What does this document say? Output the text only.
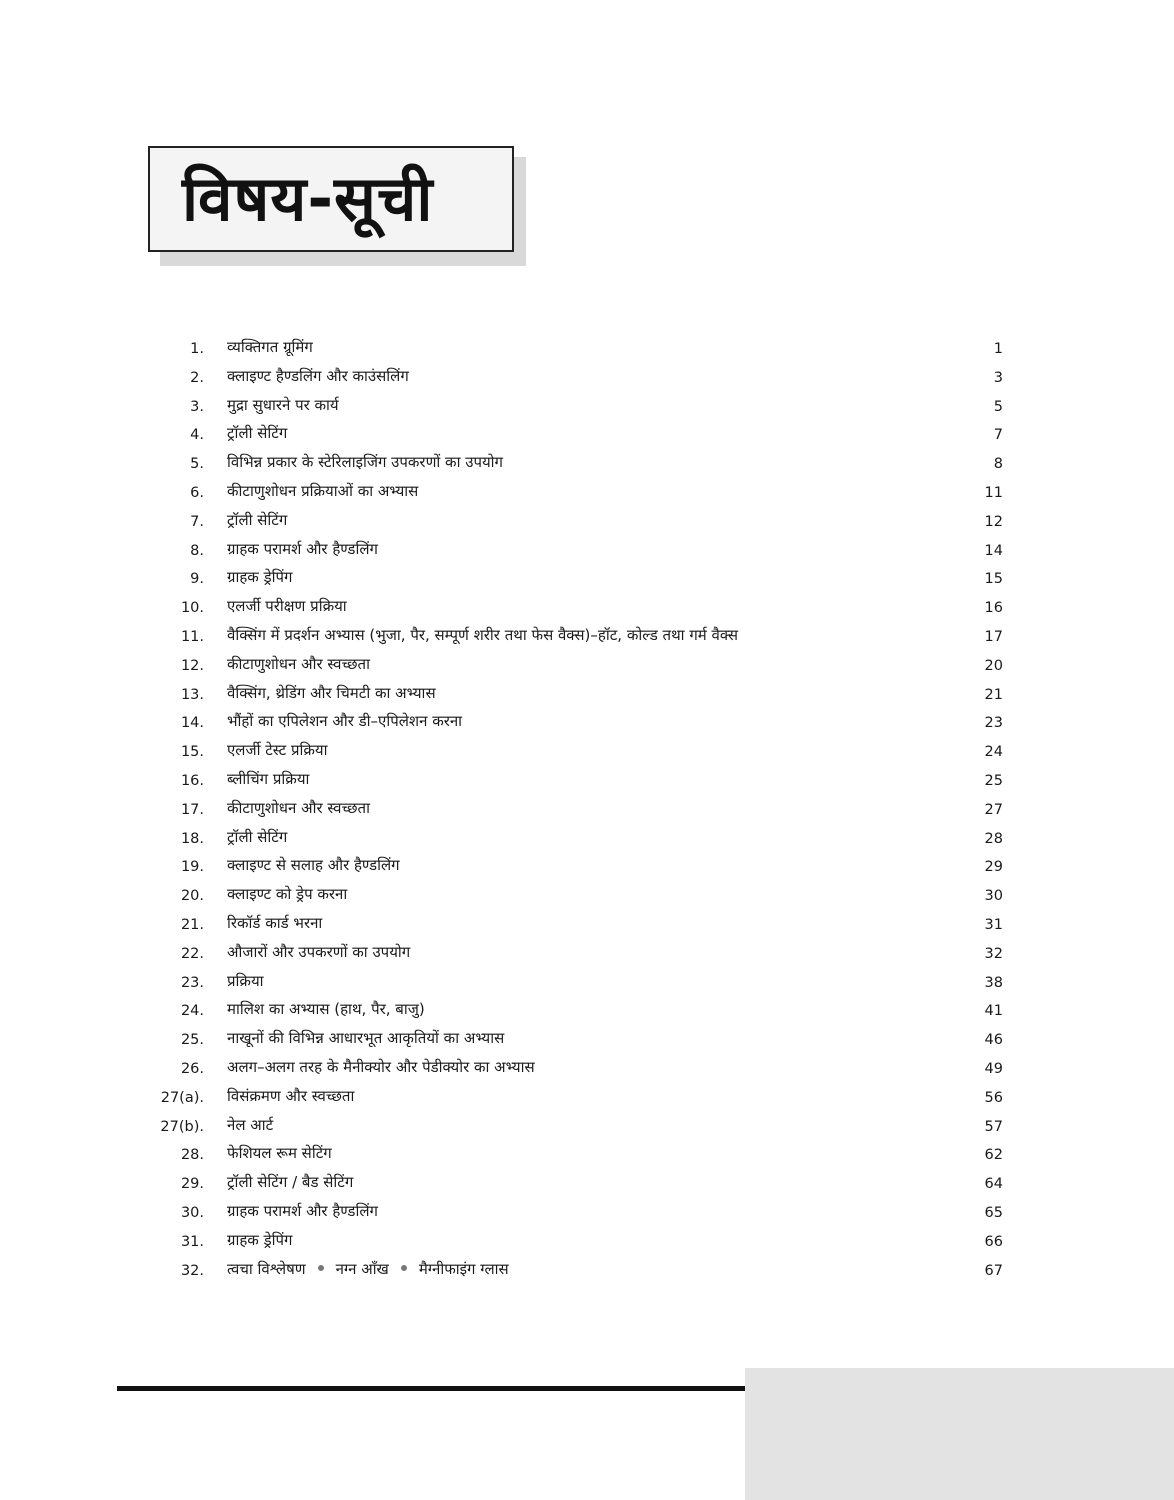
विषय-सूची
1. व्यक्तिगत ग्रूमिंग	1
2. क्लाइण्ट हैण्डलिंग और काउंसलिंग	3
3. मुद्रा सुधारने पर कार्य	5
4. ट्रॉली सेटिंग	7
5. विभिन्न प्रकार के स्टेरिलाइजिंग उपकरणों का उपयोग	8
6. कीटाणुशोधन प्रक्रियाओं का अभ्यास	11
7. ट्रॉली सेटिंग	12
8. ग्राहक परामर्श और हैण्डलिंग	14
9. ग्राहक ड्रेपिंग	15
10. एलर्जी परीक्षण प्रक्रिया	16
11. वैक्सिंग में प्रदर्शन अभ्यास (भुजा, पैर, सम्पूर्ण शरीर तथा फेस वैक्स)–हॉट, कोल्ड तथा गर्म वैक्स	17
12. कीटाणुशोधन और स्वच्छता	20
13. वैक्सिंग, थ्रेडिंग और चिमटी का अभ्यास	21
14. भौंहों का एपिलेशन और डी–एपिलेशन करना	23
15. एलर्जी टेस्ट प्रक्रिया	24
16. ब्लीचिंग प्रक्रिया	25
17. कीटाणुशोधन और स्वच्छता	27
18. ट्रॉली सेटिंग	28
19. क्लाइण्ट से सलाह और हैण्डलिंग	29
20. क्लाइण्ट को ड्रेप करना	30
21. रिकॉर्ड कार्ड भरना	31
22. औजारों और उपकरणों का उपयोग	32
23. प्रक्रिया	38
24. मालिश का अभ्यास (हाथ, पैर, बाजु)	41
25. नाखूनों की विभिन्न आधारभूत आकृतियों का अभ्यास	46
26. अलग–अलग तरह के मैनीक्योर और पेडीक्योर का अभ्यास	49
27(a). विसंक्रमण और स्वच्छता	56
27(b). नेल आर्ट	57
28. फेशियल रूम सेटिंग	62
29. ट्रॉली सेटिंग / बैड सेटिंग	64
30. ग्राहक परामर्श और हैण्डलिंग	65
31. ग्राहक ड्रेपिंग	66
32. त्वचा विश्लेषण नग्न आँख मैग्नीफाइंग ग्लास	67
